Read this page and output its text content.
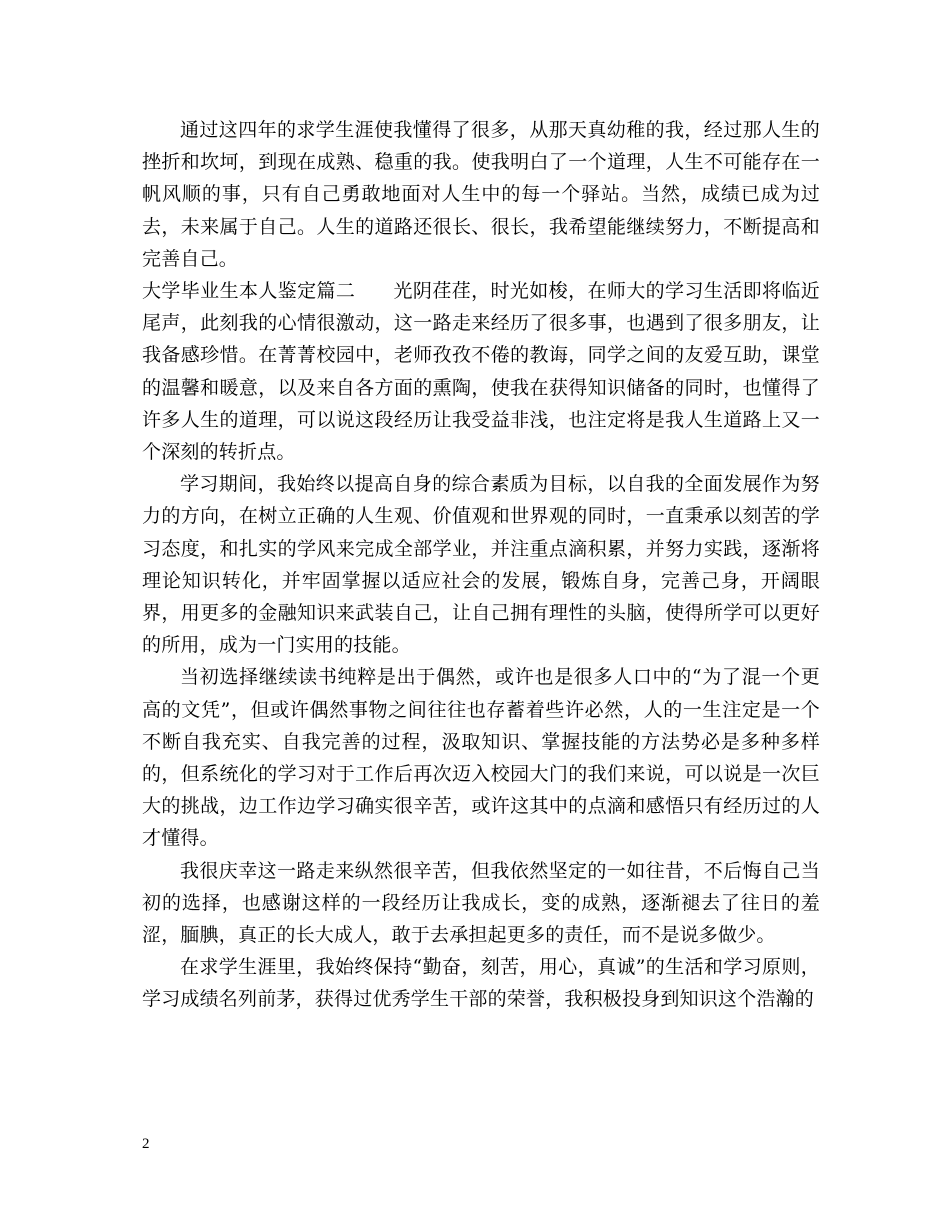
通过这四年的求学生涯使我懂得了很多，从那天真幼稚的我，经过那人生的挫折和坎坷，到现在成熟、稳重的我。使我明白了一个道理，人生不可能存在一帆风顺的事，只有自己勇敢地面对人生中的每一个驿站。当然，成绩已成为过去，未来属于自己。人生的道路还很长、很长，我希望能继续努力，不断提高和完善自己。

大学毕业生本人鉴定篇二 光阴荏荏，时光如梭，在师大的学习生活即将临近尾声，此刻我的心情很激动，这一路走来经历了很多事，也遇到了很多朋友，让我备感珍惜。在菁菁校园中，老师孜孜不倦的教诲，同学之间的友爱互助，课堂的温馨和暖意，以及来自各方面的熏陶，使我在获得知识储备的同时，也懂得了许多人生的道理，可以说这段经历让我受益非浅，也注定将是我人生道路上又一个深刻的转折点。

学习期间，我始终以提高自身的综合素质为目标，以自我的全面发展作为努力的方向，在树立正确的人生观、价值观和世界观的同时，一直秉承以刻苦的学习态度，和扎实的学风来完成全部学业，并注重点滴积累，并努力实践，逐渐将理论知识转化，并牢固掌握以适应社会的发展，锻炼自身，完善己身，开阔眼界，用更多的金融知识来武装自己，让自己拥有理性的头脑，使得所学可以更好的所用，成为一门实用的技能。

当初选择继续读书纯粹是出于偶然，或许也是很多人口中的“为了混一个更高的文凭”，但或许偶然事物之间往往也存蓄着些许必然，人的一生注定是一个不断自我充实、自我完善的过程，汲取知识、掌握技能的方法势必是多种多样的，但系统化的学习对于工作后再次迈入校园大门的我们来说，可以说是一次巨大的挑战，边工作边学习确实很辛苦，或许这其中的点滴和感悟只有经历过的人才懂得。

我很庆幸这一路走来纵然很辛苦，但我依然坚定的一如往昔，不后悔自己当初的选择，也感谢这样的一段经历让我成长，变的成熟，逐渐褪去了往日的羞涩，腼腆，真正的长大成人，敢于去承担起更多的责任，而不是说多做少。

在求学生涯里，我始终保持“勤奋，刻苦，用心，真诚”的生活和学习原则，学习成绩名列前茅，获得过优秀学生干部的荣誉，我积极投身到知识这个浩瀚的

2
